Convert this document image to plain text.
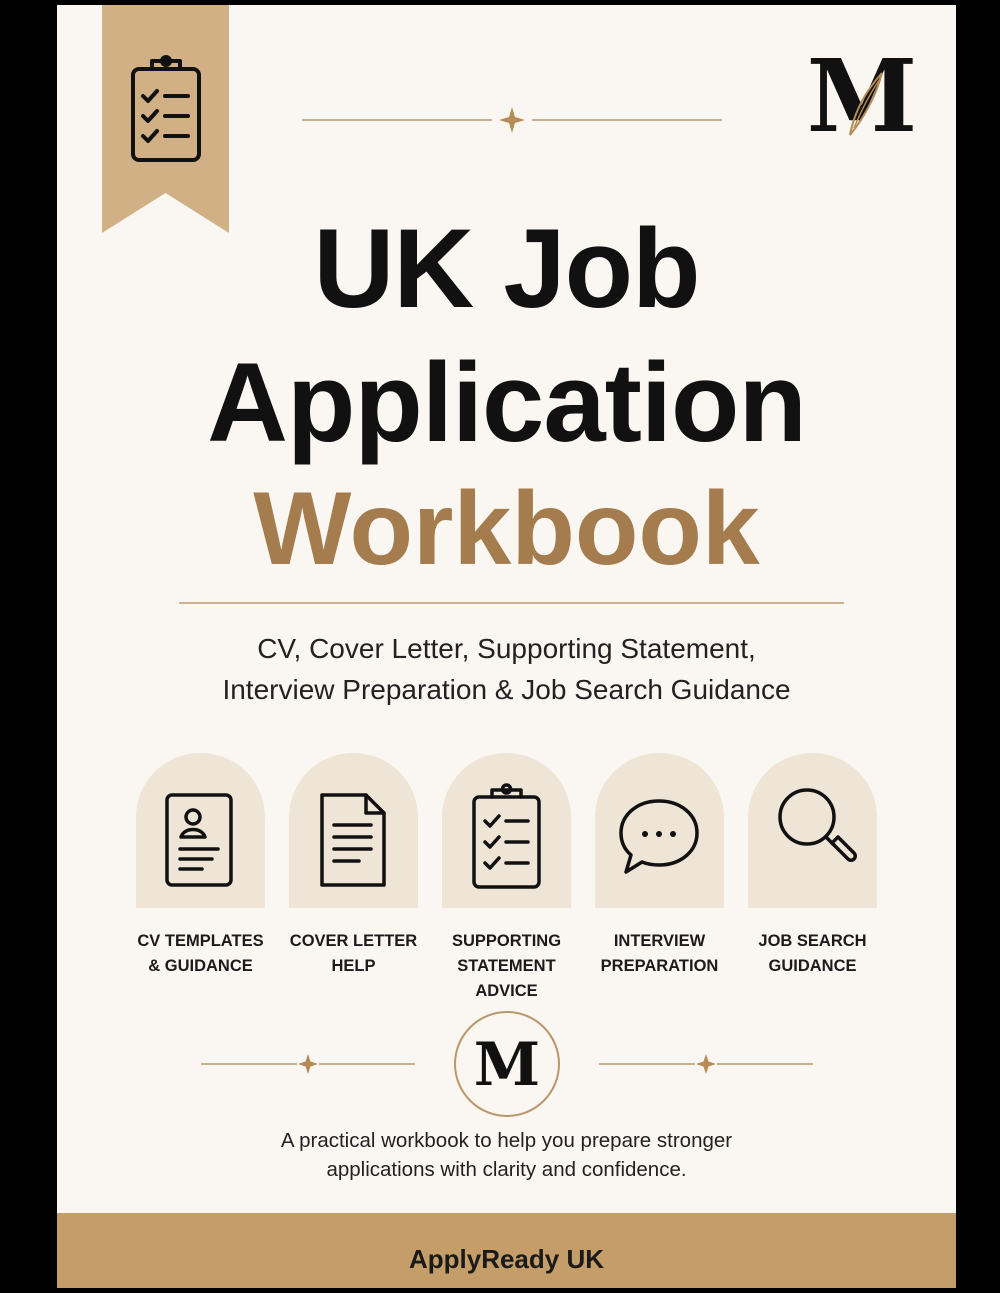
M
UK Job
Application
Workbook
CV, Cover Letter, Supporting Statement,
Interview Preparation & Job Search Guidance
CV TEMPLATES
& GUIDANCE
COVER LETTER
HELP
SUPPORTING
STATEMENT
ADVICE
INTERVIEW
PREPARATION
JOB SEARCH
GUIDANCE
M
A practical workbook to help you prepare stronger
applications with clarity and confidence.
ApplyReady UK
